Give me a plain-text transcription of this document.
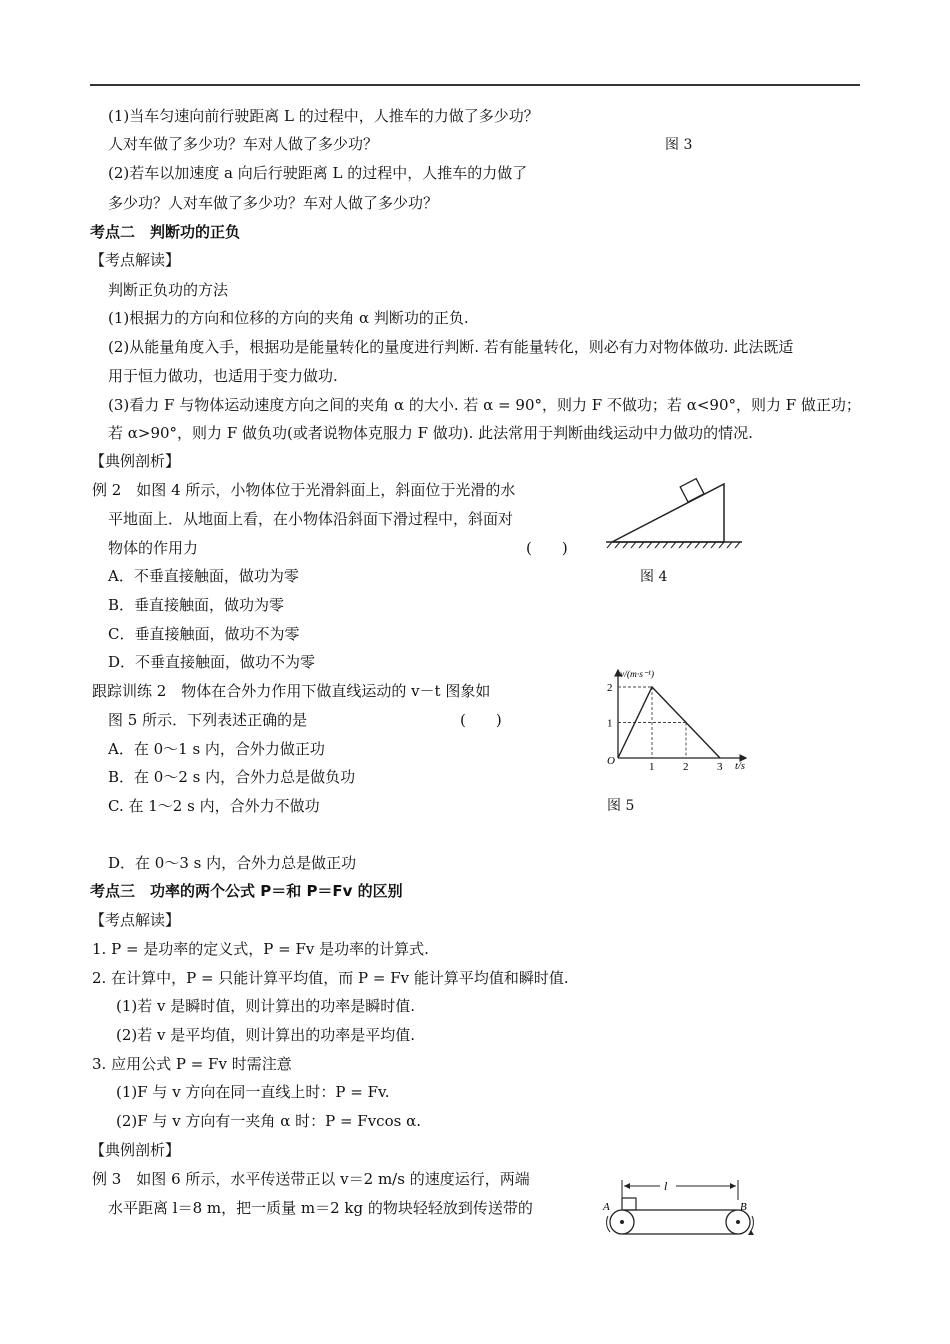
(1)当车匀速向前行驶距离 L 的过程中，人推车的力做了多少功？
人对车做了多少功？车对人做了多少功？	图 3
(2)若车以加速度 a 向后行驶距离 L 的过程中，人推车的力做了
多少功？人对车做了多少功？车对人做了多少功？
考点二　判断功的正负
【考点解读】
判断正负功的方法
(1)根据力的方向和位移的方向的夹角 α 判断功的正负.
(2)从能量角度入手，根据功是能量转化的量度进行判断. 若有能量转化，则必有力对物体做功. 此法既适
用于恒力做功，也适用于变力做功.
(3)看力 F 与物体运动速度方向之间的夹角 α 的大小. 若 α = 90°，则力 F 不做功；若 α<90°，则力 F 做正功；
若 α>90°，则力 F 做负功(或者说物体克服力 F 做功). 此法常用于判断曲线运动中力做功的情况.
【典例剖析】
例 2　如图 4 所示，小物体位于光滑斜面上，斜面位于光滑的水
平地面上．从地面上看，在小物体沿斜面下滑过程中，斜面对
物体的作用力	(　　)
A．不垂直接触面，做功为零
B．垂直接触面，做功为零
C．垂直接触面，做功不为零
D．不垂直接触面，做功不为零
图 4
跟踪训练 2　物体在合外力作用下做直线运动的 v－t 图象如
图 5 所示．下列表述正确的是	(　　)
A．在 0～1 s 内，合外力做正功
B．在 0～2 s 内，合外力总是做负功
C. 在 1～2 s 内，合外力不做功
D．在 0～3 s 内，合外力总是做正功
v/(m·s⁻¹)
t/s
O	1	2	3
1
2
图 5
考点三　功率的两个公式 P＝和 P＝Fv 的区别
【考点解读】
1. P = 是功率的定义式，P = Fv 是功率的计算式.
2. 在计算中，P = 只能计算平均值，而 P = Fv 能计算平均值和瞬时值.
(1)若 v 是瞬时值，则计算出的功率是瞬时值.
(2)若 v 是平均值，则计算出的功率是平均值.
3. 应用公式 P = Fv 时需注意
(1)F 与 v 方向在同一直线上时：P = Fv.
(2)F 与 v 方向有一夹角 α 时：P = Fvcos α.
【典例剖析】
例 3　如图 6 所示，水平传送带正以 v＝2 m/s 的速度运行，两端
水平距离 l＝8 m，把一质量 m＝2 kg 的物块轻轻放到传送带的
l
A	B
